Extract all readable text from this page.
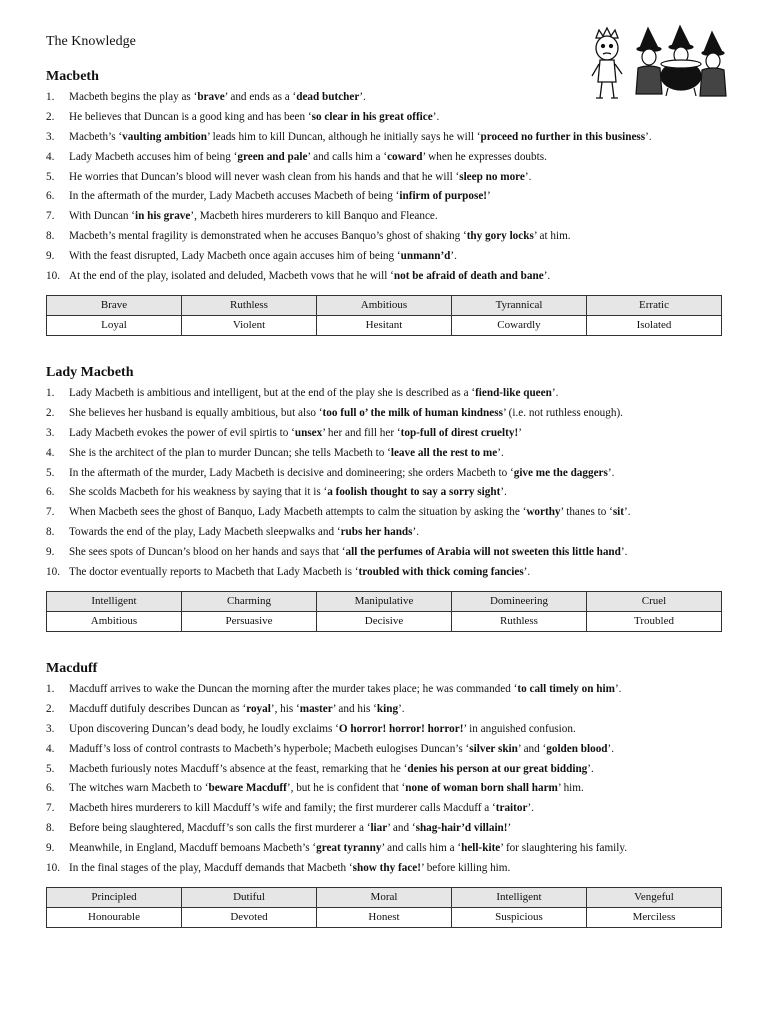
The Knowledge
Macbeth
1.	Macbeth begins the play as ‘brave’ and ends as a ‘dead butcher’.
2.	He believes that Duncan is a good king and has been ‘so clear in his great office’.
3.	Macbeth’s ‘vaulting ambition’ leads him to kill Duncan, although he initially says he will ‘proceed no further in this business’.
4.	Lady Macbeth accuses him of being ‘green and pale’ and calls him a ‘coward’ when he expresses doubts.
5.	He worries that Duncan’s blood will never wash clean from his hands and that he will ‘sleep no more’.
6.	In the aftermath of the murder, Lady Macbeth accuses Macbeth of being ‘infirm of purpose!’
7.	With Duncan ‘in his grave’, Macbeth hires murderers to kill Banquo and Fleance.
8.	Macbeth’s mental fragility is demonstrated when he accuses Banquo’s ghost of shaking ‘thy gory locks’ at him.
9.	With the feast disrupted, Lady Macbeth once again accuses him of being ‘unmann’d’.
10. At the end of the play, isolated and deluded, Macbeth vows that he will ‘not be afraid of death and bane’.
Brave	Ruthless	Ambitious	Tyrannical	Erratic
Loyal	Violent	Hesitant	Cowardly	Isolated
Lady Macbeth
1.	Lady Macbeth is ambitious and intelligent, but at the end of the play she is described as a ‘fiend-like queen’.
2.	She believes her husband is equally ambitious, but also ‘too full o’ the milk of human kindness’ (i.e. not ruthless enough).
3.	Lady Macbeth evokes the power of evil spirtis to ‘unsex’ her and fill her ‘top-full of direst cruelty!’
4.	She is the architect of the plan to murder Duncan; she tells Macbeth to ‘leave all the rest to me’.
5.	In the aftermath of the murder, Lady Macbeth is decisive and domineering; she orders Macbeth to ‘give me the daggers’.
6.	She scolds Macbeth for his weakness by saying that it is ‘a foolish thought to say a sorry sight’.
7.	When Macbeth sees the ghost of Banquo, Lady Macbeth attempts to calm the situation by asking the ‘worthy’ thanes to ‘sit’.
8.	Towards the end of the play, Lady Macbeth sleepwalks and ‘rubs her hands’.
9.	She sees spots of Duncan’s blood on her hands and says that ‘all the perfumes of Arabia will not sweeten this little hand’.
10. The doctor eventually reports to Macbeth that Lady Macbeth is ‘troubled with thick coming fancies’.
Intelligent	Charming	Manipulative	Domineering	Cruel
Ambitious	Persuasive	Decisive	Ruthless	Troubled
Macduff
1.	Macduff arrives to wake the Duncan the morning after the murder takes place; he was commanded ‘to call timely on him’.
2.	Macduff dutifuly describes Duncan as ‘royal’, his ‘master’ and his ‘king’.
3.	Upon discovering Duncan’s dead body, he loudly exclaims ‘O horror! horror! horror!’ in anguished confusion.
4.	Maduff’s loss of control contrasts to Macbeth’s hyperbole; Macbeth eulogises Duncan’s ‘silver skin’ and ‘golden blood’.
5.	Macbeth furiously notes Macduff’s absence at the feast, remarking that he ‘denies his person at our great bidding’.
6.	The witches warn Macbeth to ‘beware Macduff’, but he is confident that ‘none of woman born shall harm’ him.
7.	Macbeth hires murderers to kill Macduff’s wife and family; the first murderer calls Macduff a ‘traitor’.
8.	Before being slaughtered, Macduff’s son calls the first murderer a ‘liar’ and ‘shag-hair’d villain!’
9.	Meanwhile, in England, Macduff bemoans Macbeth’s ‘great tyranny’ and calls him a ‘hell-kite’ for slaughtering his family.
10. In the final stages of the play, Macduff demands that Macbeth ‘show thy face!’ before killing him.
Principled	Dutiful	Moral	Intelligent	Vengeful
Honourable	Devoted	Honest	Suspicious	Merciless
